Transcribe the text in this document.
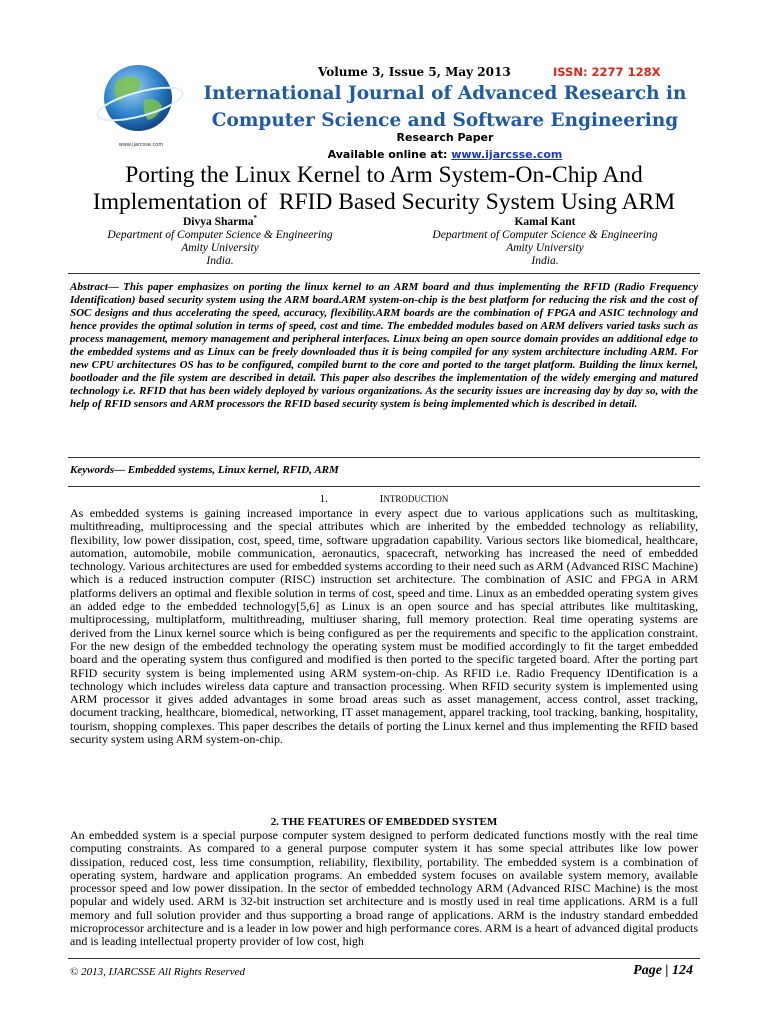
www.ijarcsse.com
Volume 3, Issue 5, May 2013	ISSN: 2277 128X
International Journal of Advanced Research in
Computer Science and Software Engineering
Research Paper
Available online at: www.ijarcsse.com
Porting the Linux Kernel to Arm System-On-Chip And
Implementation of  RFID Based Security System Using ARM
Divya Sharma*
Department of Computer Science & Engineering
Amity University
India.
Kamal Kant
Department of Computer Science & Engineering
Amity University
India.
Abstract— This paper emphasizes on porting the linux kernel to an ARM board and thus implementing the RFID (Radio Frequency Identification) based security system using the ARM board.ARM system-on-chip is the best platform for reducing the risk and the cost of SOC designs and thus accelerating the speed, accuracy, flexibility.ARM boards are the combination of FPGA and ASIC technology and hence provides the optimal solution in terms of speed, cost and time. The embedded modules based on ARM delivers varied tasks such as process management, memory management and peripheral interfaces. Linux being an open source domain provides an additional edge to the embedded systems and as Linux can be freely downloaded thus it is being compiled for any system architecture including ARM. For new CPU architectures OS has to be configured, compiled burnt to the core and ported to the target platform. Building the linux kernel, bootloader and the file system are described in detail. This paper also describes the implementation of the widely emerging and matured technology i.e. RFID that has been widely deployed by various organizations. As the security issues are increasing day by day so, with the help of RFID sensors and ARM processors the RFID based security system is being implemented which is described in detail.
Keywords— Embedded systems, Linux kernel, RFID, ARM
1.	INTRODUCTION
As embedded systems is gaining increased importance in every aspect due to various applications such as multitasking, multithreading, multiprocessing and the special attributes which are inherited by the embedded technology as reliability, flexibility, low power dissipation, cost, speed, time, software upgradation capability. Various sectors like biomedical, healthcare, automation, automobile, mobile communication, aeronautics, spacecraft, networking has increased the need of embedded technology. Various architectures are used for embedded systems according to their need such as ARM (Advanced RISC Machine) which is a reduced instruction computer (RISC) instruction set architecture. The combination of ASIC and FPGA in ARM platforms delivers an optimal and flexible solution in terms of cost, speed and time. Linux as an embedded operating system gives an added edge to the embedded technology[5,6] as Linux is an open source and has special attributes like multitasking, multiprocessing, multiplatform, multithreading, multiuser sharing, full memory protection. Real time operating systems are derived from the Linux kernel source which is being configured as per the requirements and specific to the application constraint. For the new design of the embedded technology the operating system must be modified accordingly to fit the target embedded board and the operating system thus configured and modified is then ported to the specific targeted board. After the porting part RFID security system is being implemented using ARM system-on-chip. As RFID i.e. Radio Frequency IDentification is a technology which includes wireless data capture and transaction processing. When RFID security system is implemented using ARM processor it gives added advantages in some broad areas such as asset management, access control, asset tracking, document tracking, healthcare, biomedical, networking, IT asset management, apparel tracking, tool tracking, banking, hospitality, tourism, shopping complexes. This paper describes the details of porting the Linux kernel and thus implementing the RFID based security system using ARM system-on-chip.
2. THE FEATURES OF EMBEDDED SYSTEM
An embedded system is a special purpose computer system designed to perform dedicated functions mostly with the real time computing constraints. As compared to a general purpose computer system it has some special attributes like low power dissipation, reduced cost, less time consumption, reliability, flexibility, portability. The embedded system is a combination of operating system, hardware and application programs. An embedded system focuses on available system memory, available processor speed and low power dissipation. In the sector of embedded technology ARM (Advanced RISC Machine) is the most popular and widely used. ARM is 32-bit instruction set architecture and is mostly used in real time applications. ARM is a full memory and full solution provider and thus supporting a broad range of applications. ARM is the industry standard embedded microprocessor architecture and is a leader in low power and high performance cores. ARM is a heart of advanced digital products and is leading intellectual property provider of low cost, high
© 2013, IJARCSSE All Rights Reserved	Page | 124
